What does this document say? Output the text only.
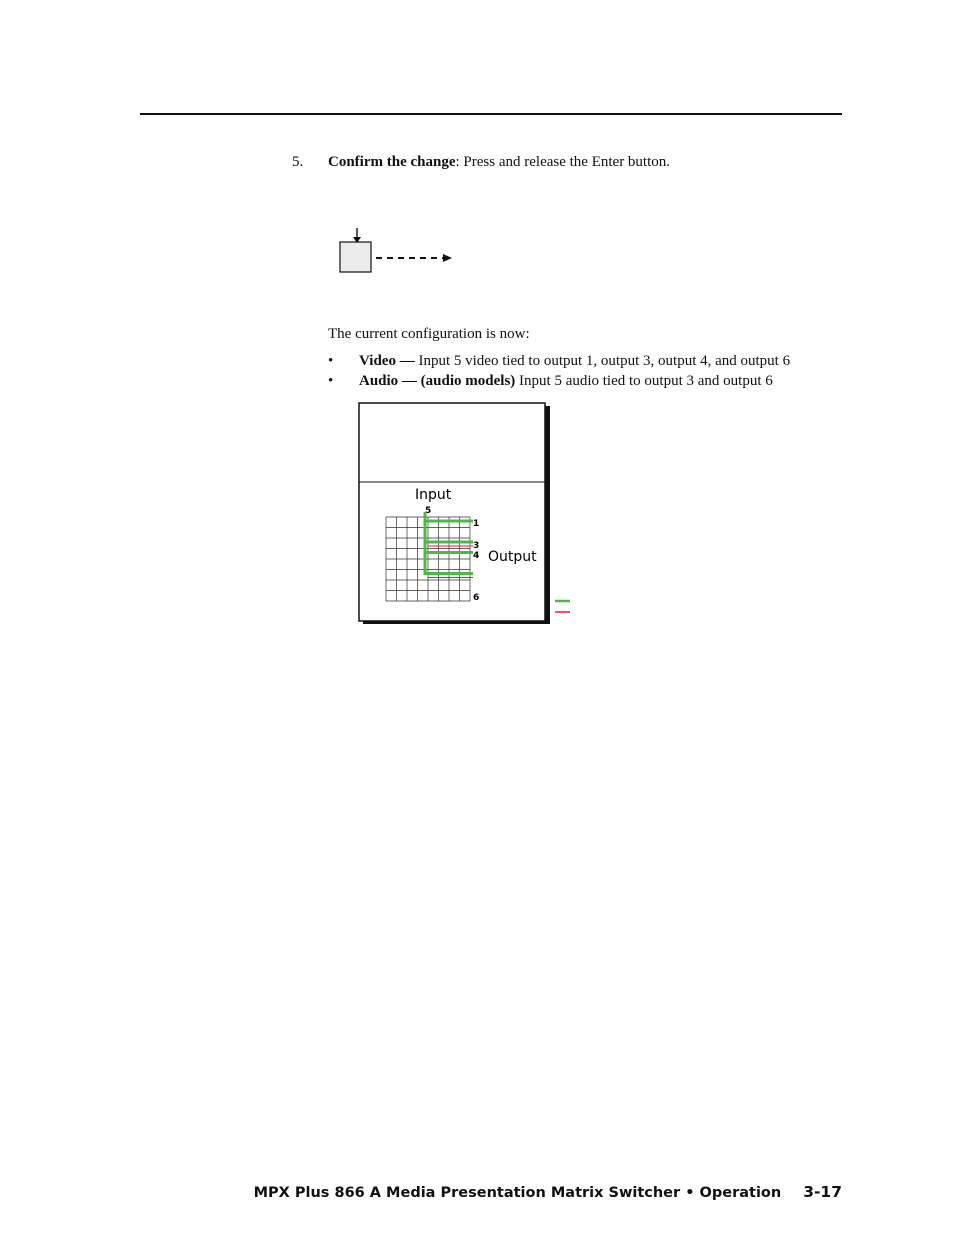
5. Confirm the change: Press and release the Enter button.
The current configuration is now:
• Video — Input 5 video tied to output 1, output 3, output 4, and output 6
• Audio — (audio models) Input 5 audio tied to output 3 and output 6
Input
Output
5
1
3
4
6
MPX Plus 866 A Media Presentation Matrix Switcher • Operation 3-17
